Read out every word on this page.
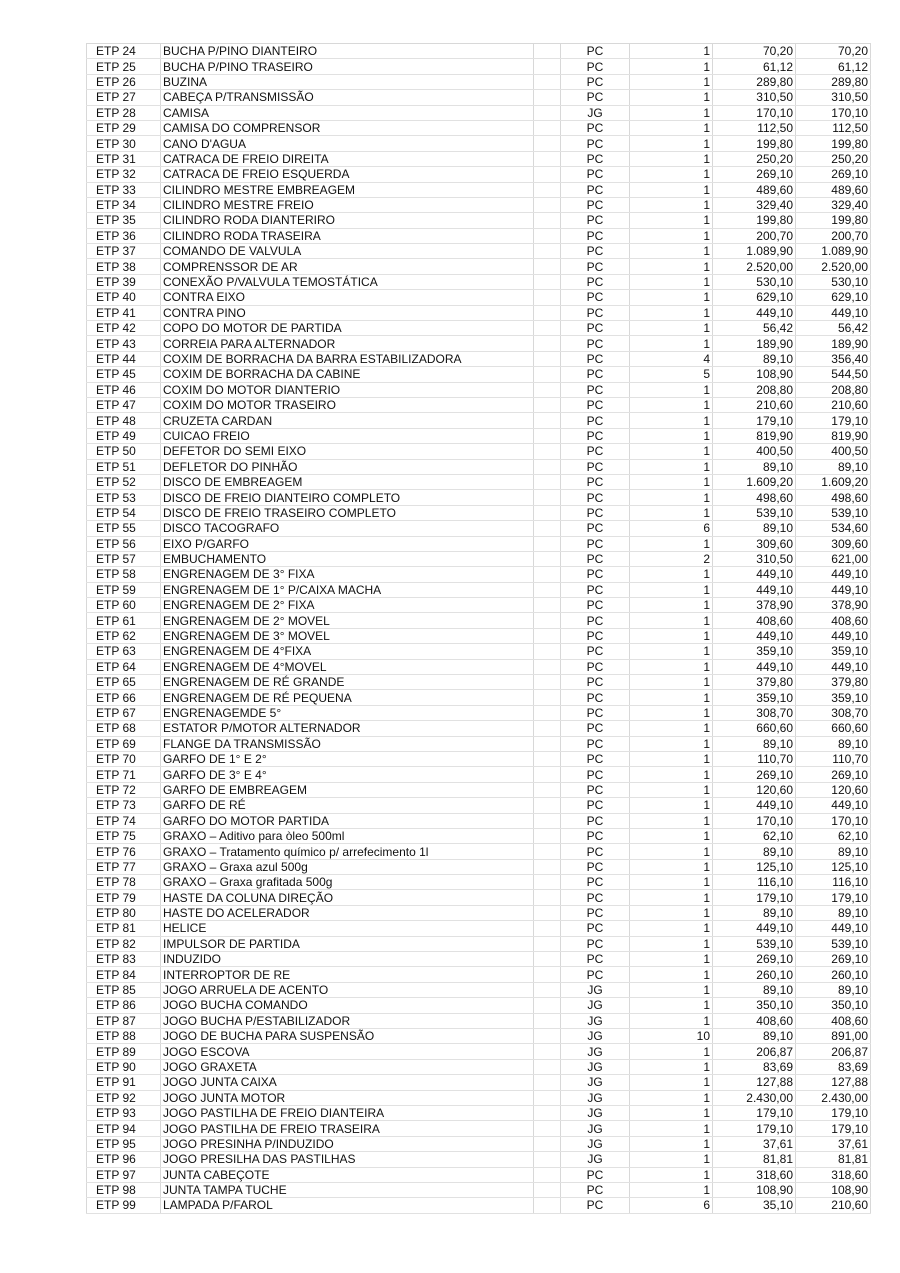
ETP 24	BUCHA P/PINO DIANTEIRO		PC	1	70,20	70,20
ETP 25	BUCHA P/PINO TRASEIRO		PC	1	61,12	61,12
ETP 26	BUZINA		PC	1	289,80	289,80
ETP 27	CABEÇA P/TRANSMISSÃO		PC	1	310,50	310,50
ETP 28	CAMISA		JG	1	170,10	170,10
ETP 29	CAMISA DO COMPRENSOR		PC	1	112,50	112,50
ETP 30	CANO D'AGUA		PC	1	199,80	199,80
ETP 31	CATRACA DE FREIO DIREITA		PC	1	250,20	250,20
ETP 32	CATRACA DE FREIO ESQUERDA		PC	1	269,10	269,10
ETP 33	CILINDRO MESTRE EMBREAGEM		PC	1	489,60	489,60
ETP 34	CILINDRO MESTRE FREIO		PC	1	329,40	329,40
ETP 35	CILINDRO RODA DIANTERIRO		PC	1	199,80	199,80
ETP 36	CILINDRO RODA TRASEIRA		PC	1	200,70	200,70
ETP 37	COMANDO DE VALVULA		PC	1	1.089,90	1.089,90
ETP 38	COMPRENSSOR DE AR		PC	1	2.520,00	2.520,00
ETP 39	CONEXÃO P/VALVULA TEMOSTÁTICA		PC	1	530,10	530,10
ETP 40	CONTRA EIXO		PC	1	629,10	629,10
ETP 41	CONTRA PINO		PC	1	449,10	449,10
ETP 42	COPO DO MOTOR DE PARTIDA		PC	1	56,42	56,42
ETP 43	CORREIA PARA ALTERNADOR		PC	1	189,90	189,90
ETP 44	COXIM DE BORRACHA DA BARRA ESTABILIZADORA		PC	4	89,10	356,40
ETP 45	COXIM DE BORRACHA DA CABINE		PC	5	108,90	544,50
ETP 46	COXIM DO MOTOR DIANTERIO		PC	1	208,80	208,80
ETP 47	COXIM DO MOTOR TRASEIRO		PC	1	210,60	210,60
ETP 48	CRUZETA CARDAN		PC	1	179,10	179,10
ETP 49	CUICAO FREIO		PC	1	819,90	819,90
ETP 50	DEFETOR DO SEMI EIXO		PC	1	400,50	400,50
ETP 51	DEFLETOR DO PINHÃO		PC	1	89,10	89,10
ETP 52	DISCO DE EMBREAGEM		PC	1	1.609,20	1.609,20
ETP 53	DISCO DE FREIO DIANTEIRO COMPLETO		PC	1	498,60	498,60
ETP 54	DISCO DE FREIO TRASEIRO COMPLETO		PC	1	539,10	539,10
ETP 55	DISCO TACOGRAFO		PC	6	89,10	534,60
ETP 56	EIXO P/GARFO		PC	1	309,60	309,60
ETP 57	EMBUCHAMENTO		PC	2	310,50	621,00
ETP 58	ENGRENAGEM DE 3° FIXA		PC	1	449,10	449,10
ETP 59	ENGRENAGEM DE 1° P/CAIXA MACHA		PC	1	449,10	449,10
ETP 60	ENGRENAGEM DE 2° FIXA		PC	1	378,90	378,90
ETP 61	ENGRENAGEM DE 2° MOVEL		PC	1	408,60	408,60
ETP 62	ENGRENAGEM DE 3° MOVEL		PC	1	449,10	449,10
ETP 63	ENGRENAGEM DE 4°FIXA		PC	1	359,10	359,10
ETP 64	ENGRENAGEM DE 4°MOVEL		PC	1	449,10	449,10
ETP 65	ENGRENAGEM DE RÉ GRANDE		PC	1	379,80	379,80
ETP 66	ENGRENAGEM DE RÉ PEQUENA		PC	1	359,10	359,10
ETP 67	ENGRENAGEMDE 5°		PC	1	308,70	308,70
ETP 68	ESTATOR P/MOTOR ALTERNADOR		PC	1	660,60	660,60
ETP 69	FLANGE DA TRANSMISSÃO		PC	1	89,10	89,10
ETP 70	GARFO DE 1° E 2°		PC	1	110,70	110,70
ETP 71	GARFO DE 3° E 4°		PC	1	269,10	269,10
ETP 72	GARFO DE EMBREAGEM		PC	1	120,60	120,60
ETP 73	GARFO DE RÉ		PC	1	449,10	449,10
ETP 74	GARFO DO MOTOR PARTIDA		PC	1	170,10	170,10
ETP 75	GRAXO – Aditivo para òleo 500ml		PC	1	62,10	62,10
ETP 76	GRAXO – Tratamento químico p/ arrefecimento 1l		PC	1	89,10	89,10
ETP 77	GRAXO – Graxa azul 500g		PC	1	125,10	125,10
ETP 78	GRAXO – Graxa grafitada 500g		PC	1	116,10	116,10
ETP 79	HASTE DA COLUNA DIREÇÃO		PC	1	179,10	179,10
ETP 80	HASTE DO ACELERADOR		PC	1	89,10	89,10
ETP 81	HELICE		PC	1	449,10	449,10
ETP 82	IMPULSOR DE PARTIDA		PC	1	539,10	539,10
ETP 83	INDUZIDO		PC	1	269,10	269,10
ETP 84	INTERROPTOR DE RE		PC	1	260,10	260,10
ETP 85	JOGO ARRUELA DE ACENTO		JG	1	89,10	89,10
ETP 86	JOGO BUCHA COMANDO		JG	1	350,10	350,10
ETP 87	JOGO BUCHA P/ESTABILIZADOR		JG	1	408,60	408,60
ETP 88	JOGO DE BUCHA PARA SUSPENSÃO		JG	10	89,10	891,00
ETP 89	JOGO ESCOVA		JG	1	206,87	206,87
ETP 90	JOGO GRAXETA		JG	1	83,69	83,69
ETP 91	JOGO JUNTA CAIXA		JG	1	127,88	127,88
ETP 92	JOGO JUNTA MOTOR		JG	1	2.430,00	2.430,00
ETP 93	JOGO PASTILHA DE FREIO DIANTEIRA		JG	1	179,10	179,10
ETP 94	JOGO PASTILHA DE FREIO TRASEIRA		JG	1	179,10	179,10
ETP 95	JOGO PRESINHA P/INDUZIDO		JG	1	37,61	37,61
ETP 96	JOGO PRESILHA DAS PASTILHAS		JG	1	81,81	81,81
ETP 97	JUNTA CABEÇOTE		PC	1	318,60	318,60
ETP 98	JUNTA TAMPA TUCHE		PC	1	108,90	108,90
ETP 99	LAMPADA P/FAROL		PC	6	35,10	210,60
